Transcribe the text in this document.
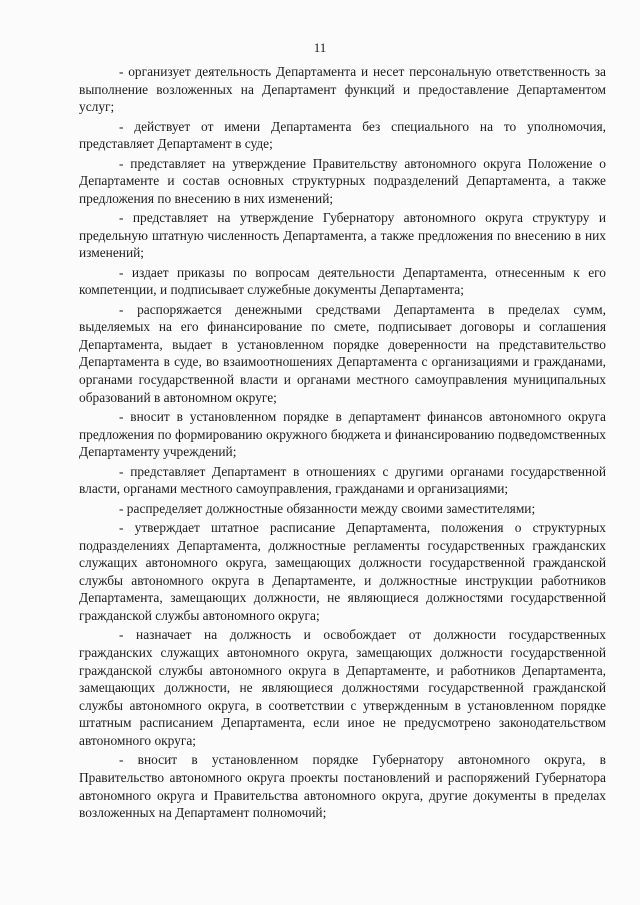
11

- организует деятельность Департамента и несет персональную ответственность за выполнение возложенных на Департамент функций и предоставление Департаментом услуг;

- действует от имени Департамента без специального на то уполномочия, представляет Департамент в суде;

- представляет на утверждение Правительству автономного округа Положение о Департаменте и состав основных структурных подразделений Департамента, а также предложения по внесению в них изменений;

- представляет на утверждение Губернатору автономного округа структуру и предельную штатную численность Департамента, а также предложения по внесению в них изменений;

- издает приказы по вопросам деятельности Департамента, отнесенным к его компетенции, и подписывает служебные документы Департамента;

- распоряжается денежными средствами Департамента в пределах сумм, выделяемых на его финансирование по смете, подписывает договоры и соглашения Департамента, выдает в установленном порядке доверенности на представительство Департамента в суде, во взаимоотношениях Департамента с организациями и гражданами, органами государственной власти и органами местного самоуправления муниципальных образований в автономном округе;

- вносит в установленном порядке в департамент финансов автономного округа предложения по формированию окружного бюджета и финансированию подведомственных Департаменту учреждений;

- представляет Департамент в отношениях с другими органами государственной власти, органами местного самоуправления, гражданами и организациями;

- распределяет должностные обязанности между своими заместителями;

- утверждает штатное расписание Департамента, положения о структурных подразделениях Департамента, должностные регламенты государственных гражданских служащих автономного округа, замещающих должности государственной гражданской службы автономного округа в Департаменте, и должностные инструкции работников Департамента, замещающих должности, не являющиеся должностями государственной гражданской службы автономного округа;

- назначает на должность и освобождает от должности государственных гражданских служащих автономного округа, замещающих должности государственной гражданской службы автономного округа в Департаменте, и работников Департамента, замещающих должности, не являющиеся должностями государственной гражданской службы автономного округа, в соответствии с утвержденным в установленном порядке штатным расписанием Департамента, если иное не предусмотрено законодательством автономного округа;

- вносит в установленном порядке Губернатору автономного округа, в Правительство автономного округа проекты постановлений и распоряжений Губернатора автономного округа и Правительства автономного округа, другие документы в пределах возложенных на Департамент полномочий;
